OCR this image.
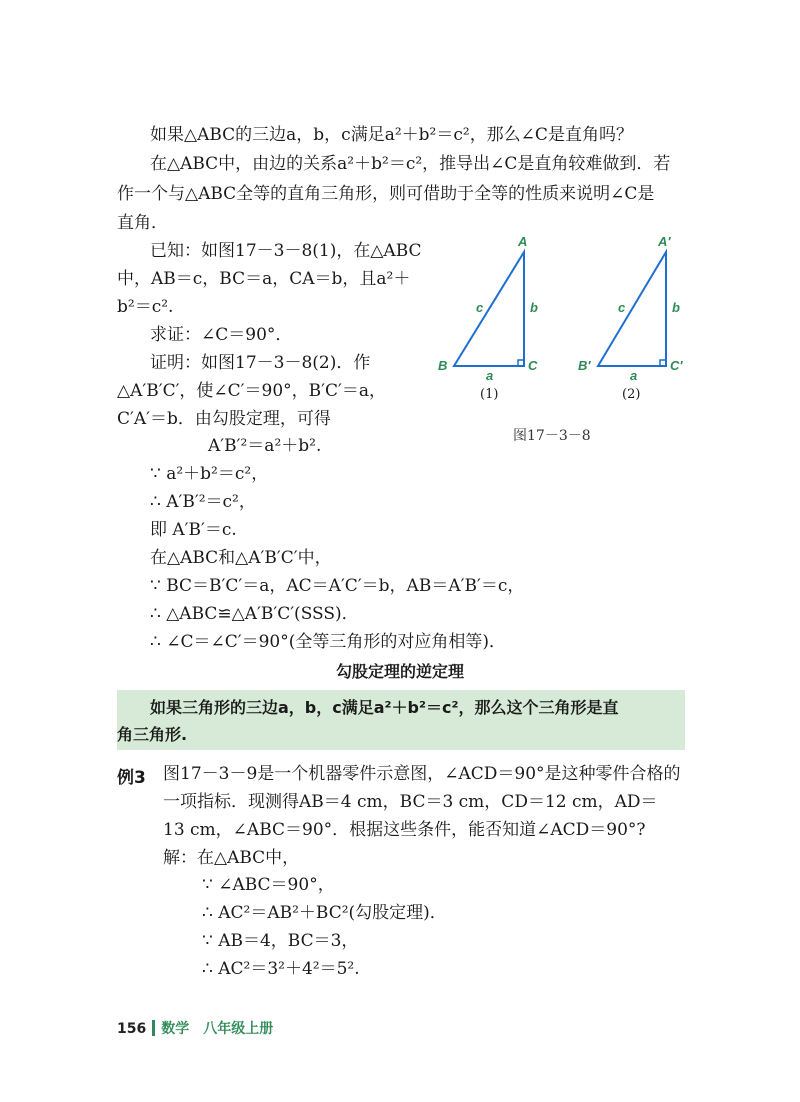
如果△ABC的三边a，b，c满足a²＋b²＝c²，那么∠C是直角吗？
在△ABC中，由边的关系a²＋b²＝c²，推导出∠C是直角较难做到．若
作一个与△ABC全等的直角三角形，则可借助于全等的性质来说明∠C是
直角．
已知：如图17－3－8(1)，在△ABC
中，AB＝c，BC＝a，CA＝b，且a²＋
b²＝c².
求证：∠C＝90°．
证明：如图17－3－8(2)．作
△A′B′C′，使∠C′＝90°，B′C′＝a，
C′A′＝b．由勾股定理，可得
A′B′²＝a²＋b².
∵ a²＋b²＝c²，
∴ A′B′²＝c²，
即 A′B′＝c.
在△ABC和△A′B′C′中，
∵ BC＝B′C′＝a，AC＝A′C′＝b，AB＝A′B′＝c，
∴ △ABC≌△A′B′C′(SSS)．
∴ ∠C＝∠C′＝90°(全等三角形的对应角相等)．
A
B	C
a
b
c
(1)
A′
B′	C′
a
b
c
(2)
图17－3－8
勾股定理的逆定理
如果三角形的三边a，b，c满足a²＋b²＝c²，那么这个三角形是直
角三角形.
例3 图17－3－9是一个机器零件示意图，∠ACD＝90°是这种零件合格的
一项指标．现测得AB＝4 cm，BC＝3 cm，CD＝12 cm，AD＝
13 cm，∠ABC＝90°．根据这些条件，能否知道∠ACD＝90°?
解：在△ABC中，
∵ ∠ABC＝90°，
∴ AC²＝AB²＋BC²(勾股定理)．
∵ AB＝4，BC＝3，
∴ AC²＝3²＋4²＝5².
156 数学　八年级上册
